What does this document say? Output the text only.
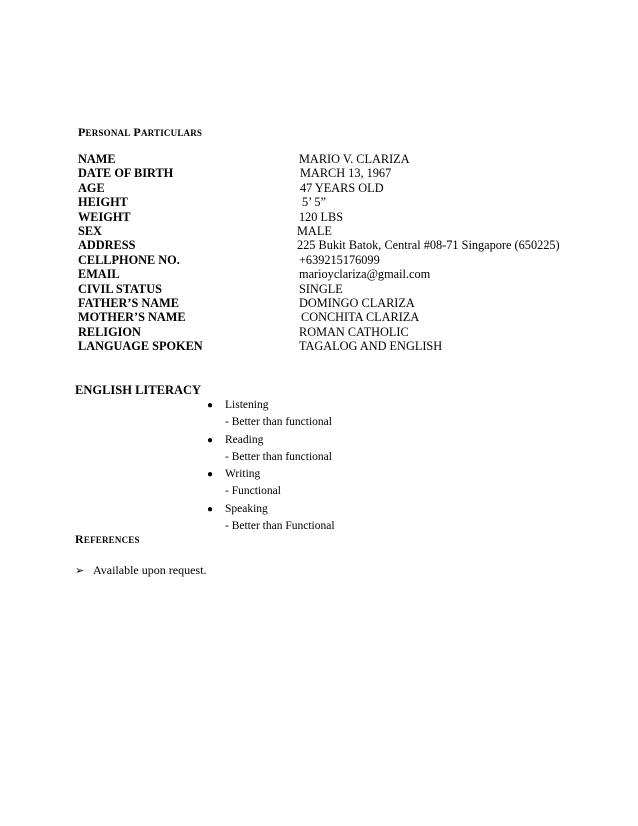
PERSONAL PARTICULARS
NAME	MARIO V. CLARIZA
DATE OF BIRTH	MARCH 13, 1967
AGE	47 YEARS OLD
HEIGHT	5’ 5”
WEIGHT	120 LBS
SEX	MALE
ADDRESS	225 Bukit Batok, Central #08-71 Singapore (650225)
CELLPHONE NO.	+639215176099
EMAIL	marioyclariza@gmail.com
CIVIL STATUS	SINGLE
FATHER’S NAME	DOMINGO CLARIZA
MOTHER’S NAME	CONCHITA CLARIZA
RELIGION	ROMAN CATHOLIC
LANGUAGE SPOKEN	TAGALOG AND ENGLISH
ENGLISH LITERACY
●	Listening
- Better than functional
●	Reading
- Better than functional
●	Writing
- Functional
●	Speaking
- Better than Functional
REFERENCES
➢ Available upon request.
